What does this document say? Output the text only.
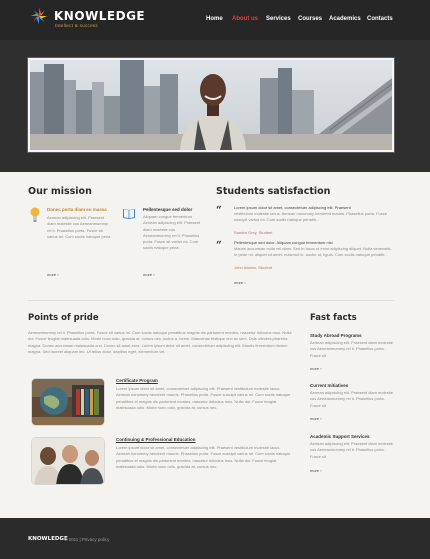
KNOWLEDGE
Intellect & success
Home About us Services Courses Academics Contacts
Our mission
Donec porta diam eu massa
Aenean adipiscing elit. Praesent diam molestie cus Aeneanmummy rel it. Phasellus porta. Fusce sit varius mi. Cum sociis natoque pena
more ›
Pellentesque sed dolor
Aliquam congue fermentum Aenean adipiscing elit. Praesent diam molestie cus Aeneanmummy rel it. Phasellus porta. Fusce sit varius mi. Cum sociis natoque pena
more ›
Students satisfaction
“	Lorem ipsum dolor sit amet, consectetuer adipiscing elit. Praesent
vestibulum molestie lacus. Aenean nonummy hendrerit mauris. Phasellus porta. Fusce suscipit varius mi. Cum sociis natoque penatib...
Sandra Grey, Student
“	Pellentesque sed dolor. Aliquam congue fermentum nisl
Mauris accumsan nulla vel diam. Sed in lacus ut enim adipiscing aliquet. Nulla venenatis. In pede mi, aliquet sit amet, euismod in, auctor ut, ligula. Cum sociis natoque penatib...
John Adams, Student
more ›
Points of pride
Aeneanmummy rel it. Phasellus porta. Fusce sit varius mi. Cum sociis natoque penatibus magnis dis parturient montes, nascetur ridiculus mus. Nulla dui. Fusce feugiat malesuada odio. Morbi nunc odio, gravida at, cursus nec, luctus a, lorem. Maecenas tristique orci ac sem. Duis ultricies pharetra magna. Donec accumsan malesuada orci. Donec sit amet eros. Lorem ipsum dolor sit amet, consectetuer adipiscing elit. Mauris fermentum dictum magna. Sed laoreet aliquam leo. Ut tellus dolor, dapibus eget, elementum vel.
Certificate Program
Lorem ipsum dolor sit amet, consectetuer adipiscing elit. Praesent vestibulum molestie lacus. Aenean nonummy hendrerit mauris. Phasellus porta. Fusce suscipit varius mi. Cum sociis natoque penatibus et magnis dis parturient montes, nascetur ridiculus mus. Nulla dui. Fusce feugiat malesuada odio. Morbi nunc odio, gravida at, cursus nec.
Continuing & Professional Education
Lorem ipsum dolor sit amet, consectetuer adipiscing elit. Praesent vestibulum molestie lacus. Aenean nonummy hendrerit mauris. Phasellus porta. Fusce suscipit varius mi. Cum sociis natoque penatibus et magnis dis parturient montes, nascetur ridiculus mus. Nulla dui. Fusce feugiat malesuada odio. Morbi nunc odio, gravida at, cursus nec.
Fast facts
Study Abroad Programs
Aenean adipiscing elit. Praesent diam molestie cus Aeneanmummy rel it. Phasellus porta. Fusce sit
more ›
Current Initiatives
Aenean adipiscing elit. Praesent diam molestie cus Aeneanmummy rel it. Phasellus porta. Fusce sit
more ›
Academic Support Services
Aenean adipiscing elit. Praesent diam molestie cus Aeneanmummy rel it. Phasellus porta. Fusce sit
more ›
KNOWLEDGE
© 2011 | Privacy policy
